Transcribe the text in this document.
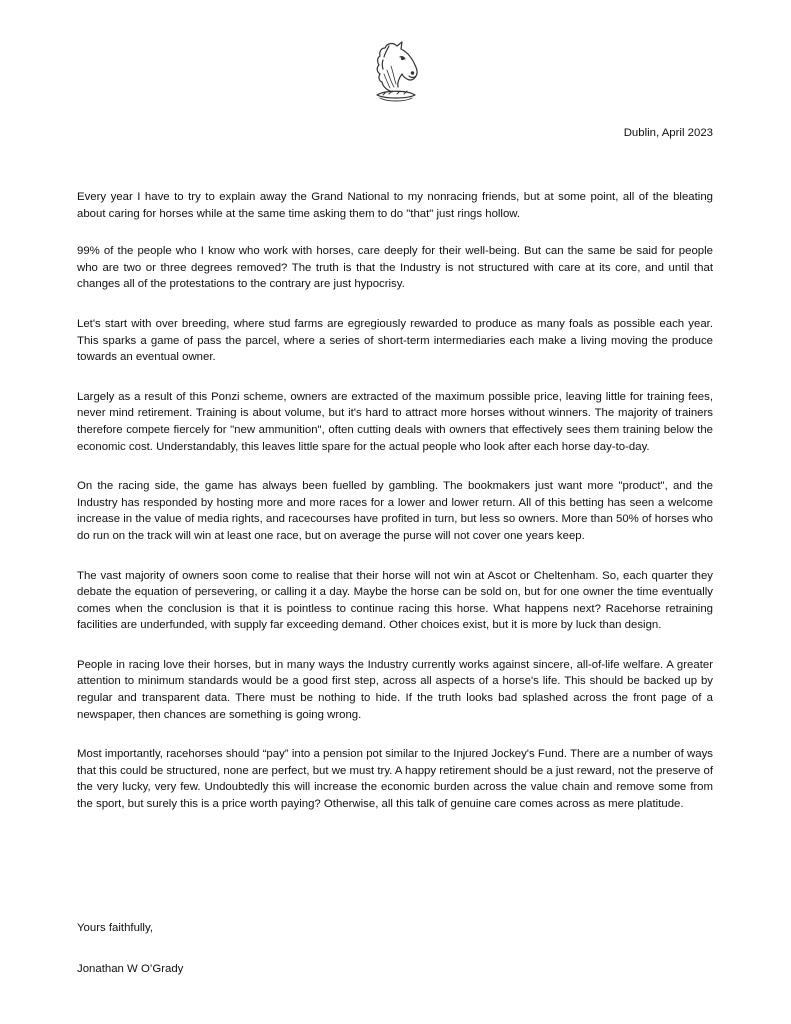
Dublin, April 2023

Every year I have to try to explain away the Grand National to my nonracing friends, but at some point, all of the bleating about caring for horses while at the same time asking them to do "that" just rings hollow.

99% of the people who I know who work with horses, care deeply for their well-being. But can the same be said for people who are two or three degrees removed? The truth is that the Industry is not structured with care at its core, and until that changes all of the protestations to the contrary are just hypocrisy.

Let's start with over breeding, where stud farms are egregiously rewarded to produce as many foals as possible each year. This sparks a game of pass the parcel, where a series of short-term intermediaries each make a living moving the produce towards an eventual owner.

Largely as a result of this Ponzi scheme, owners are extracted of the maximum possible price, leaving little for training fees, never mind retirement. Training is about volume, but it's hard to attract more horses without winners. The majority of trainers therefore compete fiercely for "new ammunition", often cutting deals with owners that effectively sees them training below the economic cost. Understandably, this leaves little spare for the actual people who look after each horse day-to-day.

On the racing side, the game has always been fuelled by gambling. The bookmakers just want more "product", and the Industry has responded by hosting more and more races for a lower and lower return. All of this betting has seen a welcome increase in the value of media rights, and racecourses have profited in turn, but less so owners. More than 50% of horses who do run on the track will win at least one race, but on average the purse will not cover one years keep.

The vast majority of owners soon come to realise that their horse will not win at Ascot or Cheltenham. So, each quarter they debate the equation of persevering, or calling it a day. Maybe the horse can be sold on, but for one owner the time eventually comes when the conclusion is that it is pointless to continue racing this horse. What happens next? Racehorse retraining facilities are underfunded, with supply far exceeding demand. Other choices exist, but it is more by luck than design.

People in racing love their horses, but in many ways the Industry currently works against sincere, all-of-life welfare. A greater attention to minimum standards would be a good first step, across all aspects of a horse's life. This should be backed up by regular and transparent data. There must be nothing to hide. If the truth looks bad splashed across the front page of a newspaper, then chances are something is going wrong.

Most importantly, racehorses should “pay” into a pension pot similar to the Injured Jockey's Fund. There are a number of ways that this could be structured, none are perfect, but we must try. A happy retirement should be a just reward, not the preserve of the very lucky, very few. Undoubtedly this will increase the economic burden across the value chain and remove some from the sport, but surely this is a price worth paying? Otherwise, all this talk of genuine care comes across as mere platitude.

Yours faithfully,
Jonathan W O’Grady
